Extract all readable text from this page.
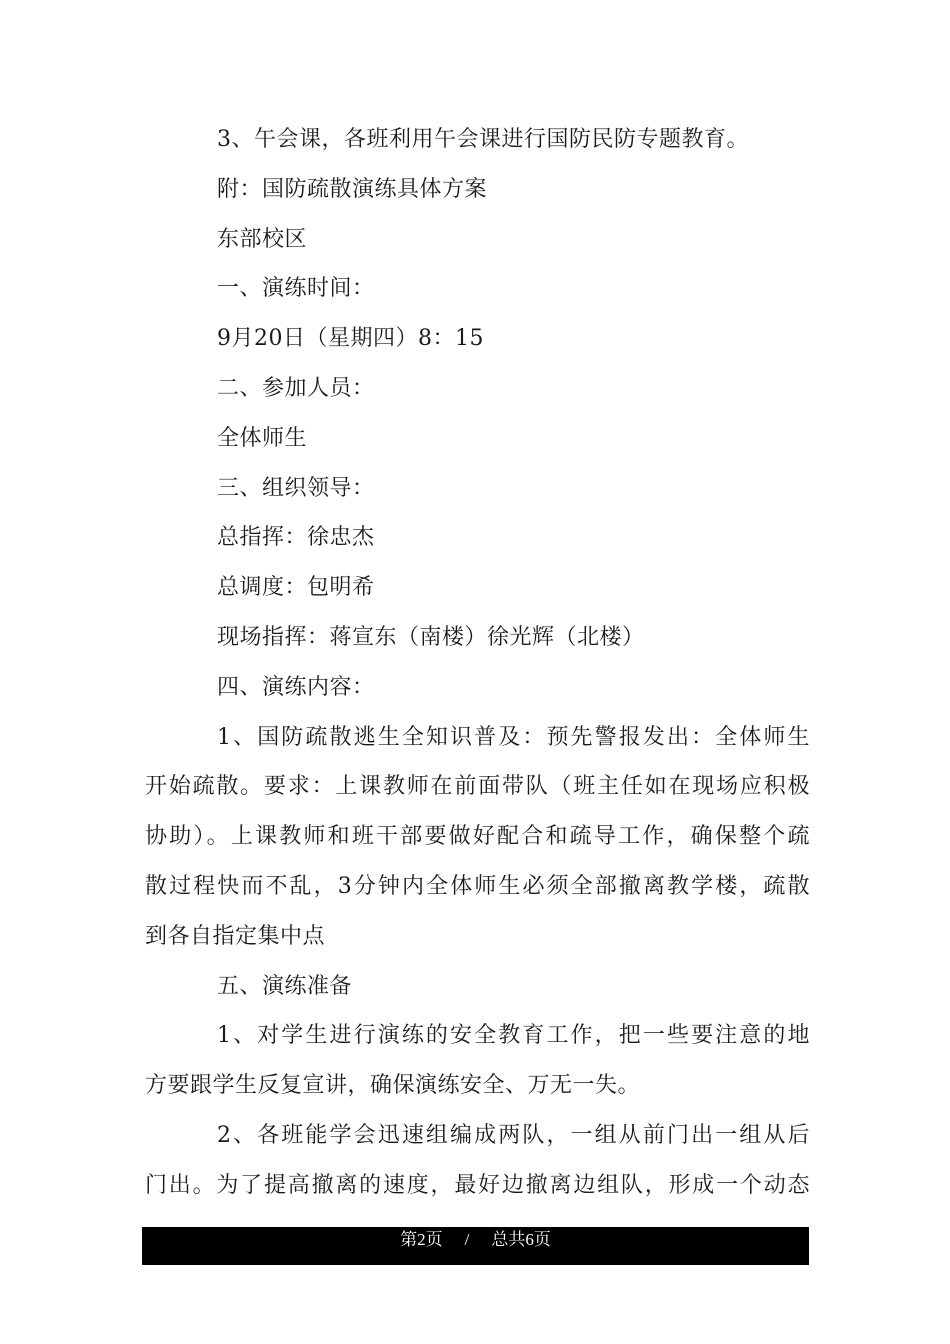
3、午会课，各班利用午会课进行国防民防专题教育。
附：国防疏散演练具体方案
东部校区
一、演练时间：
9月20日（星期四）8：15
二、参加人员：
全体师生
三、组织领导：
总指挥：徐忠杰
总调度：包明希
现场指挥：蒋宣东（南楼）徐光辉（北楼）
四、演练内容：
1、国防疏散逃生全知识普及：预先警报发出：全体师生
开始疏散。要求：上课教师在前面带队（班主任如在现场应积极
协助）。上课教师和班干部要做好配合和疏导工作，确保整个疏
散过程快而不乱，3分钟内全体师生必须全部撤离教学楼，疏散
到各自指定集中点
五、演练准备
1、对学生进行演练的安全教育工作，把一些要注意的地
方要跟学生反复宣讲，确保演练安全、万无一失。
2、各班能学会迅速组编成两队，一组从前门出一组从后
门出。为了提高撤离的速度，最好边撤离边组队，形成一个动态
第2页 / 总共6页
